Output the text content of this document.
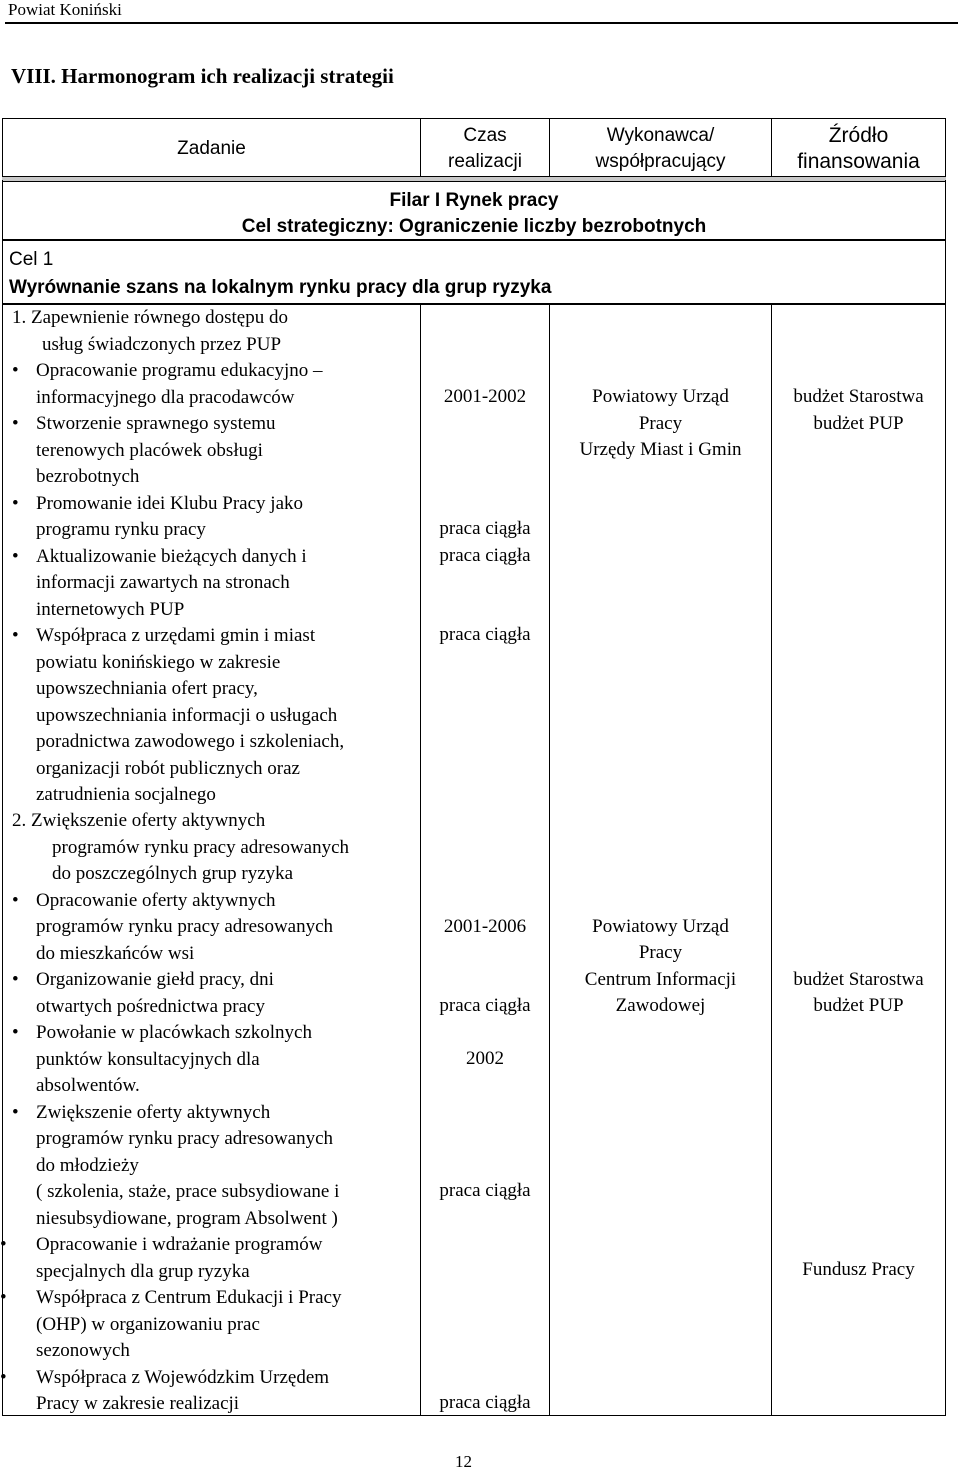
Powiat Koniński
VIII. Harmonogram ich realizacji strategii
Zadanie
Czas
realizacji
Wykonawca/
współpracujący
Źródło
finansowania
Filar I Rynek pracy
Cel strategiczny: Ograniczenie liczby bezrobotnych
Cel 1
Wyrównanie szans na lokalnym rynku pracy dla grup ryzyka
1. Zapewnienie równego dostępu do
usług świadczonych przez PUP
• Opracowanie programu edukacyjno –
informacyjnego dla pracodawców
• Stworzenie sprawnego systemu
terenowych placówek obsługi
bezrobotnych
• Promowanie idei Klubu Pracy jako
programu rynku pracy
• Aktualizowanie bieżących danych i
informacji zawartych na stronach
internetowych PUP
• Współpraca z urzędami gmin i miast
powiatu konińskiego w zakresie
upowszechniania ofert pracy,
upowszechniania informacji o usługach
poradnictwa zawodowego i szkoleniach,
organizacji robót publicznych oraz
zatrudnienia socjalnego
2001-2002
praca ciągła
praca ciągła
praca ciągła
2001-2006
praca ciągła
2002
praca ciągła
praca ciągła
Powiatowy Urząd
Pracy
Urzędy Miast i Gmin
Powiatowy Urząd
Pracy
Centrum Informacji
Zawodowej
budżet Starostwa
budżet PUP
budżet Starostwa
budżet PUP
Fundusz Pracy
2. Zwiększenie oferty aktywnych
programów rynku pracy adresowanych
do poszczególnych grup ryzyka
• Opracowanie oferty aktywnych
programów rynku pracy adresowanych
do mieszkańców wsi
• Organizowanie giełd pracy, dni
otwartych pośrednictwa pracy
• Powołanie w placówkach szkolnych
punktów konsultacyjnych dla
absolwentów.
• Zwiększenie oferty aktywnych
programów rynku pracy adresowanych
do młodzieży
( szkolenia, staże, prace subsydiowane i
niesubsydiowane, program Absolwent )
• Opracowanie i wdrażanie programów
specjalnych dla grup ryzyka
• Współpraca z Centrum Edukacji i Pracy
(OHP) w organizowaniu prac
sezonowych
• Współpraca z Wojewódzkim Urzędem
Pracy w zakresie realizacji
12
